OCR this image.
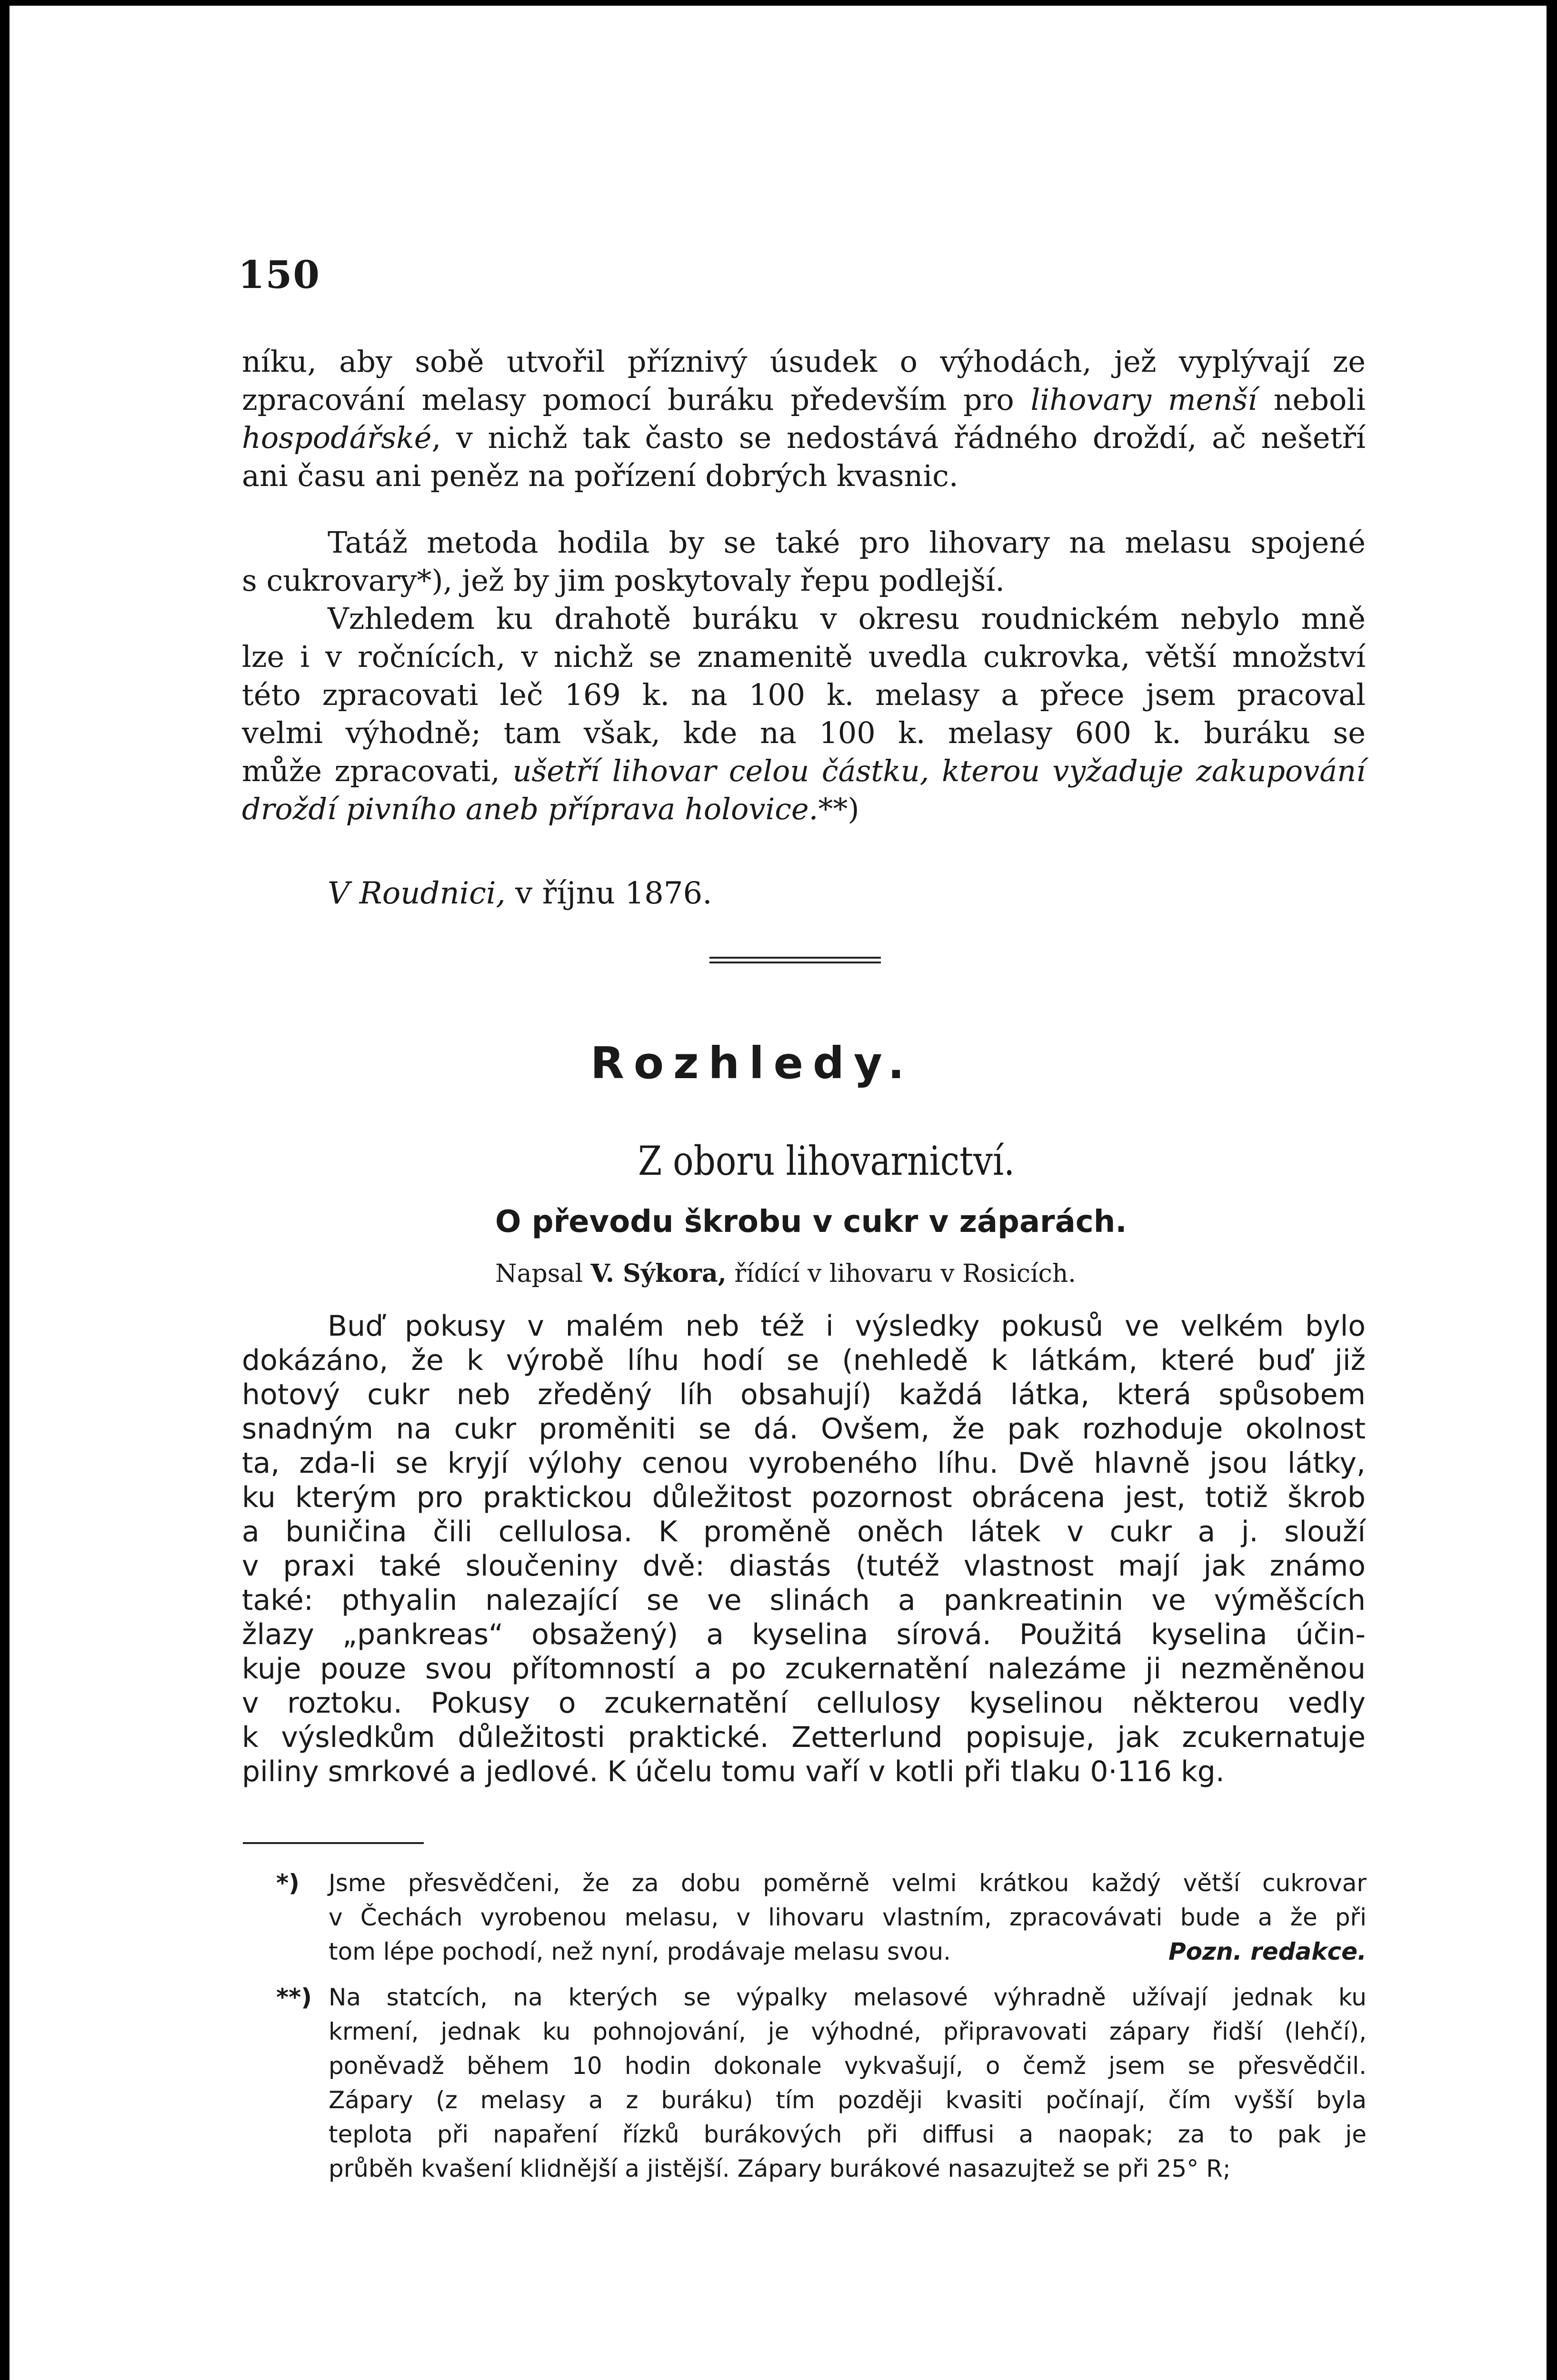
150

níku, aby sobě utvořil příznivý úsudek o výhodách, jež vyplývají ze
zpracování melasy pomocí buráku především pro lihovary menší neboli
hospodářské, v nichž tak často se nedostává řádného droždí, ač nešetří
ani času ani peněz na pořízení dobrých kvasnic.

Tatáž metoda hodila by se také pro lihovary na melasu spojené
s cukrovary*), jež by jim poskytovaly řepu podlejší.

Vzhledem ku drahotě buráku v okresu roudnickém nebylo mně
lze i v ročnících, v nichž se znamenitě uvedla cukrovka, větší množství
této zpracovati leč 169 k. na 100 k. melasy a přece jsem pracoval
velmi výhodně; tam však, kde na 100 k. melasy 600 k. buráku se
může zpracovati, ušetří lihovar celou částku, kterou vyžaduje zakupování
droždí pivního aneb příprava holovice.**)

V Roudnici, v říjnu 1876.

Rozhledy.
Z oboru lihovarnictví.
O převodu škrobu v cukr v záparách.

Napsal V. Sýkora, řídící v lihovaru v Rosicích.

Buď pokusy v malém neb též i výsledky pokusů ve velkém bylo
dokázáno, že k výrobě líhu hodí se (nehledě k látkám, které buď již
hotový cukr neb zředěný líh obsahují) každá látka, která spůsobem
snadným na cukr proměniti se dá. Ovšem, že pak rozhoduje okolnost
ta, zda-li se kryjí výlohy cenou vyrobeného líhu. Dvě hlavně jsou látky,
ku kterým pro praktickou důležitost pozornost obrácena jest, totiž škrob
a buničina čili cellulosa. K proměně oněch látek v cukr a j. slouží
v praxi také sloučeniny dvě: diastás (tutéž vlastnost mají jak známo
také: pthyalin nalezající se ve slinách a pankreatinin ve výměšcích
žlazy „pankreas“ obsažený) a kyselina sírová. Použitá kyselina účin-
kuje pouze svou přítomností a po zcukernatění nalezáme ji nezměněnou
v roztoku. Pokusy o zcukernatění cellulosy kyselinou některou vedly
k výsledkům důležitosti praktické. Zetterlund popisuje, jak zcukernatuje
piliny smrkové a jedlové. K účelu tomu vaří v kotli při tlaku 0·116 kg.

*) Jsme přesvědčeni, že za dobu poměrně velmi krátkou každý větší cukrovar
v Čechách vyrobenou melasu, v lihovaru vlastním, zpracovávati bude a že při
tom lépe pochodí, než nyní, prodávaje melasu svou.	Pozn. redakce.
**) Na statcích, na kterých se výpalky melasové výhradně užívají jednak ku
krmení, jednak ku pohnojování, je výhodné, připravovati zápary řidší (lehčí),
poněvadž během 10 hodin dokonale vykvašují, o čemž jsem se přesvědčil.
Zápary (z melasy a z buráku) tím později kvasiti počínají, čím vyšší byla
teplota při napaření řízků burákových při diffusi a naopak; za to pak je
průběh kvašení klidnější a jistější. Zápary burákové nasazujtež se při 25° R;
